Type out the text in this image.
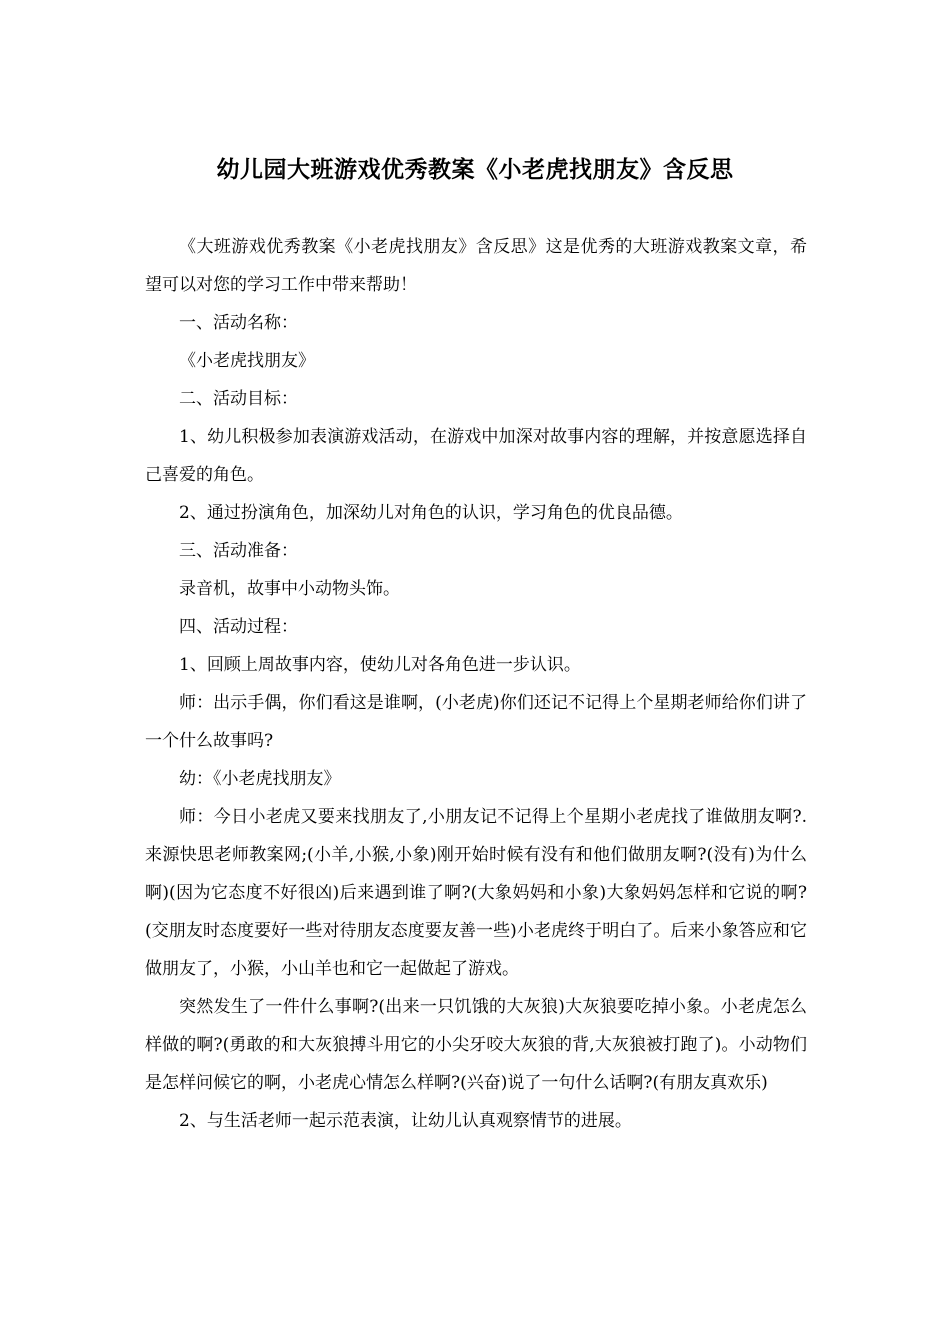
幼儿园大班游戏优秀教案《小老虎找朋友》含反思

《大班游戏优秀教案《小老虎找朋友》含反思》这是优秀的大班游戏教案文章，希望可以对您的学习工作中带来帮助！

一、活动名称：

《小老虎找朋友》

二、活动目标：

1、幼儿积极参加表演游戏活动，在游戏中加深对故事内容的理解，并按意愿选择自己喜爱的角色。

2、通过扮演角色，加深幼儿对角色的认识，学习角色的优良品德。

三、活动准备：

录音机，故事中小动物头饰。

四、活动过程：

1、回顾上周故事内容，使幼儿对各角色进一步认识。

师：出示手偶，你们看这是谁啊，(小老虎)你们还记不记得上个星期老师给你们讲了一个什么故事吗?

幼：《小老虎找朋友》

师：今日小老虎又要来找朋友了,小朋友记不记得上个星期小老虎找了谁做朋友啊?.来源快思老师教案网;(小羊,小猴,小象)刚开始时候有没有和他们做朋友啊?(没有)为什么啊)(因为它态度不好很凶)后来遇到谁了啊?(大象妈妈和小象)大象妈妈怎样和它说的啊?(交朋友时态度要好一些对待朋友态度要友善一些)小老虎终于明白了。后来小象答应和它做朋友了，小猴，小山羊也和它一起做起了游戏。

突然发生了一件什么事啊?(出来一只饥饿的大灰狼)大灰狼要吃掉小象。小老虎怎么样做的啊?(勇敢的和大灰狼搏斗用它的小尖牙咬大灰狼的背,大灰狼被打跑了)。小动物们是怎样问候它的啊，小老虎心情怎么样啊?(兴奋)说了一句什么话啊?(有朋友真欢乐)

2、与生活老师一起示范表演，让幼儿认真观察情节的进展。
